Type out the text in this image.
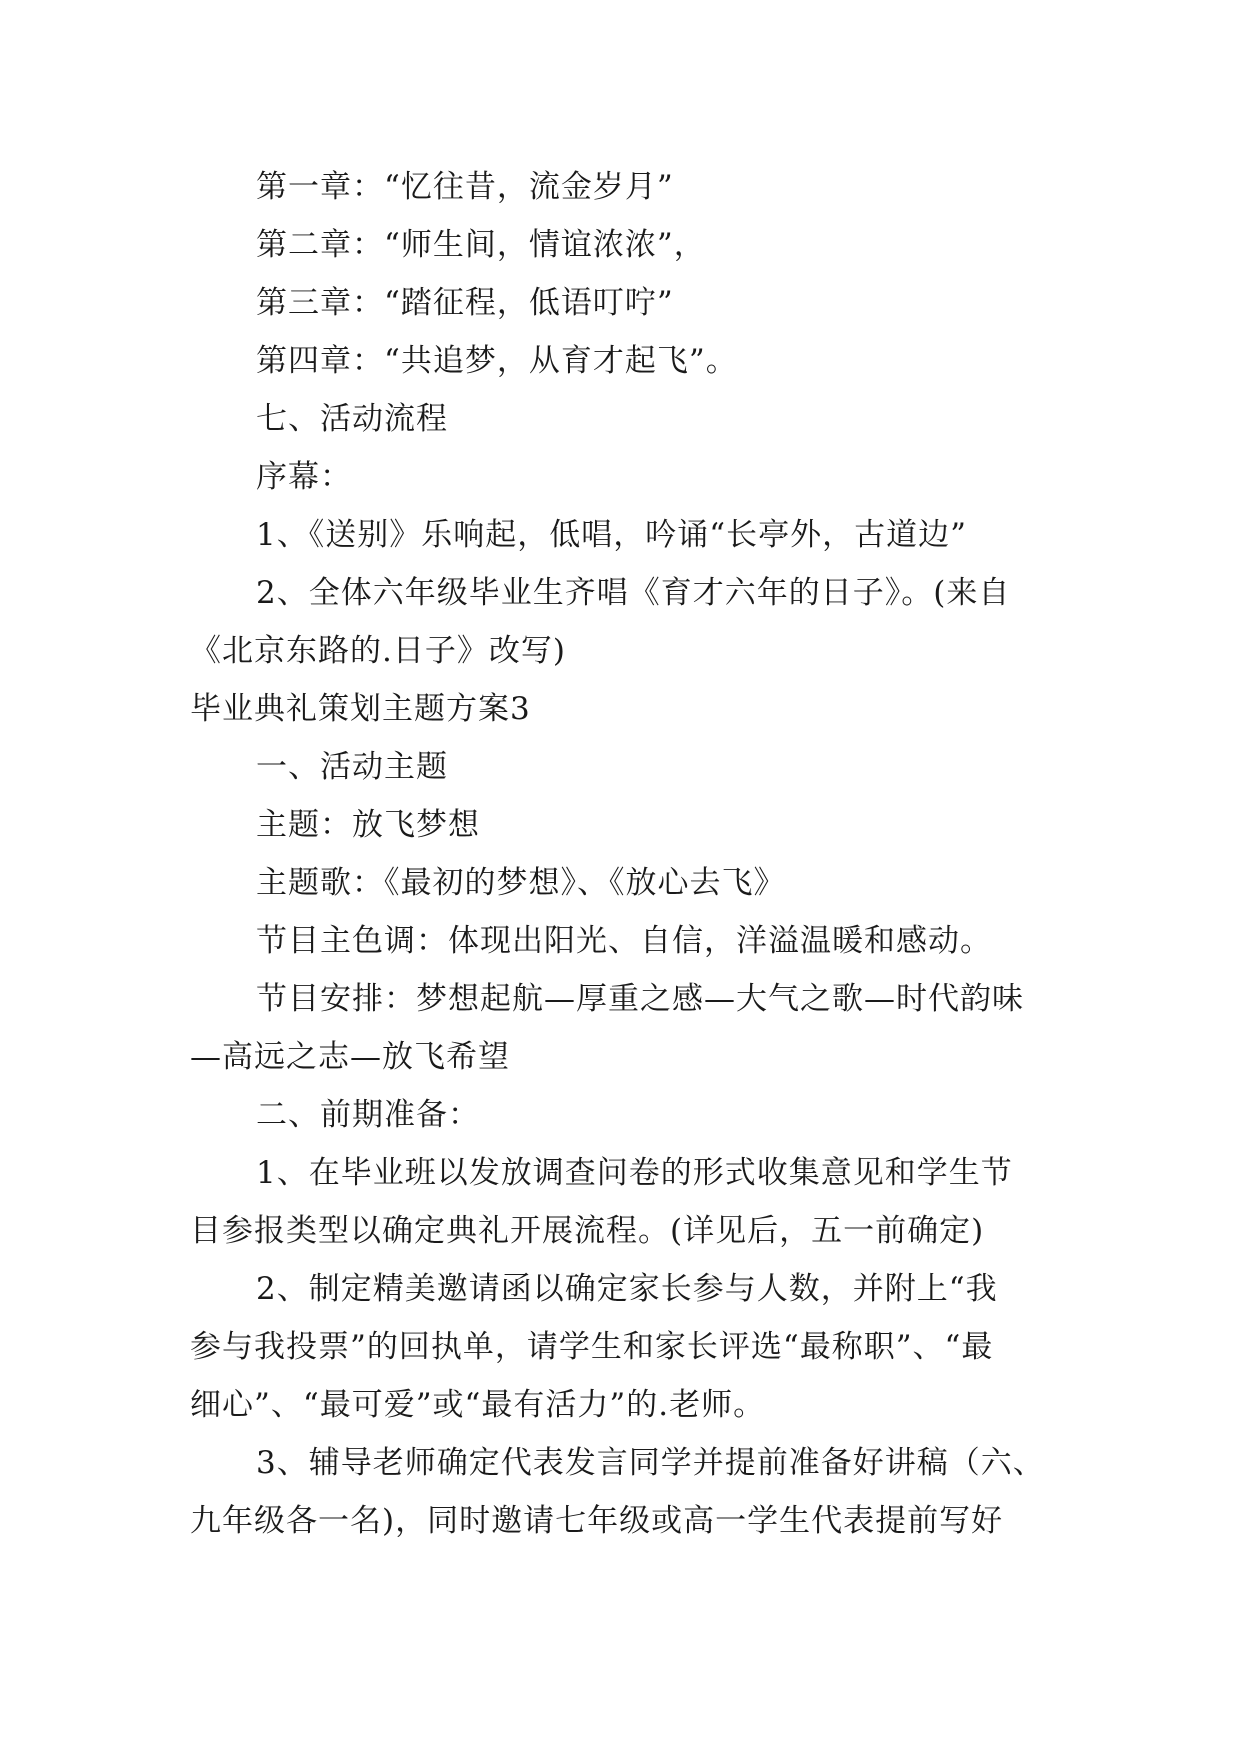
第一章：“忆往昔，流金岁月”
第二章：“师生间，情谊浓浓”，
第三章：“踏征程，低语叮咛”
第四章：“共追梦，从育才起飞”。
七、活动流程
序幕：
1、《送别》乐响起，低唱，吟诵“长亭外，古道边”
2、全体六年级毕业生齐唱《育才六年的日子》。(来自
《北京东路的.日子》改写)
毕业典礼策划主题方案3
一、活动主题
主题：放飞梦想
主题歌：《最初的梦想》、《放心去飞》
节目主色调：体现出阳光、自信，洋溢温暖和感动。
节目安排：梦想起航—厚重之感—大气之歌—时代韵味
—高远之志—放飞希望
二、前期准备：
1、在毕业班以发放调查问卷的形式收集意见和学生节
目参报类型以确定典礼开展流程。(详见后，五一前确定)
2、制定精美邀请函以确定家长参与人数，并附上“我
参与我投票”的回执单，请学生和家长评选“最称职”、“最
细心”、“最可爱”或“最有活力”的.老师。
3、辅导老师确定代表发言同学并提前准备好讲稿（六、
九年级各一名)，同时邀请七年级或高一学生代表提前写好
